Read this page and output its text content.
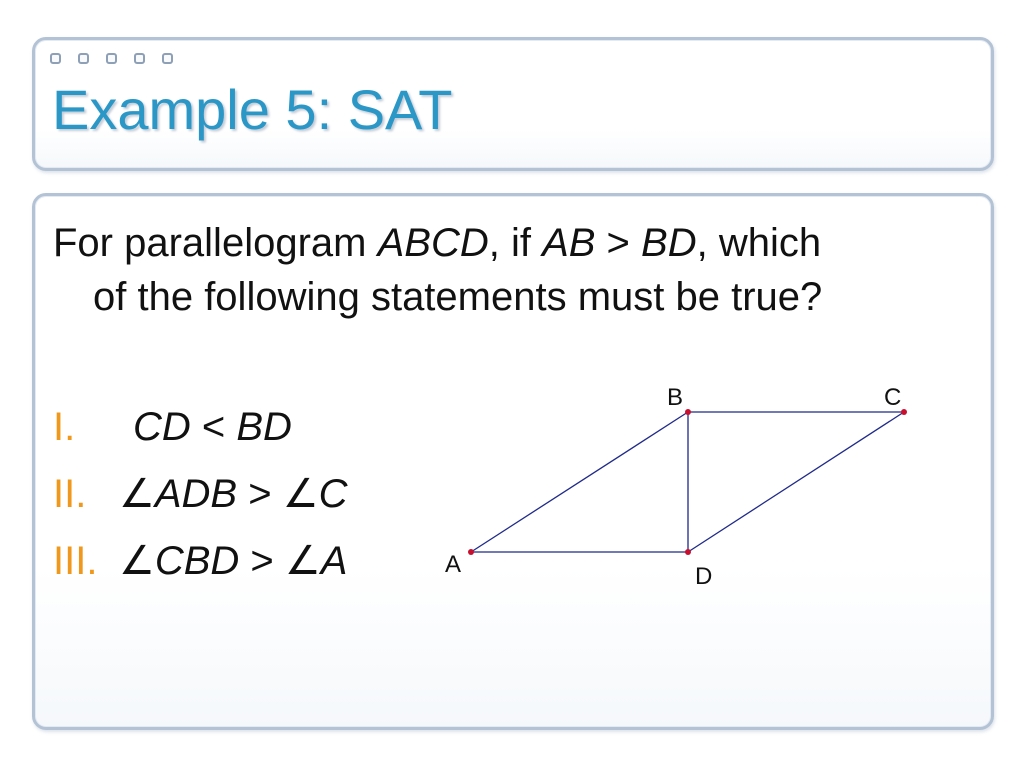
Example 5: SAT

For parallelogram ABCD, if AB > BD, which
of the following statements must be true?

I. CD < BD
II. ∠ADB > ∠C
III. ∠CBD > ∠A	A
B	C
D
